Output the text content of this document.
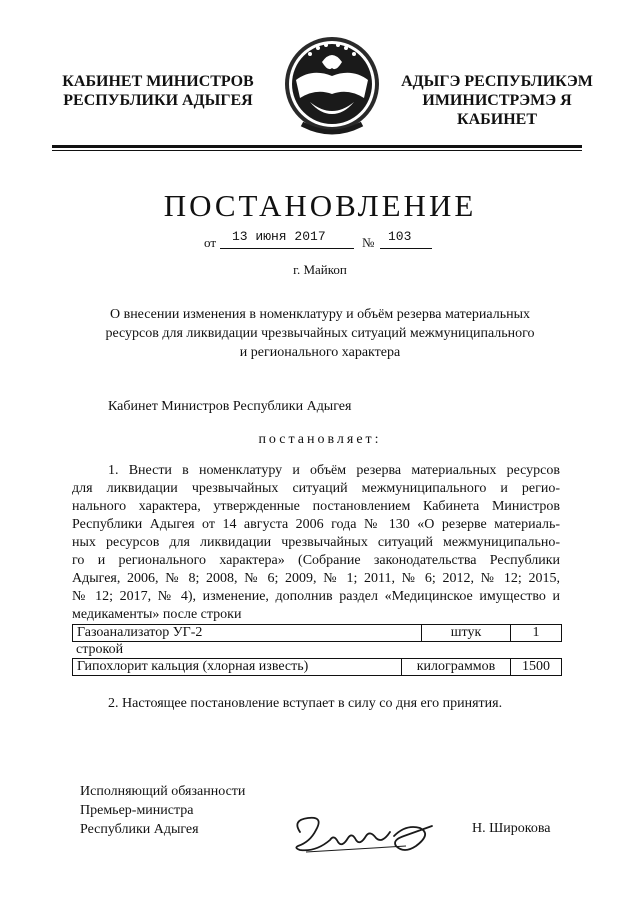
КАБИНЕТ МИНИСТРОВ
РЕСПУБЛИКИ АДЫГЕЯ
АДЫГЭ РЕСПУБЛИКЭМ
ИМИНИСТРЭМЭ Я КАБИНЕТ
ПОСТАНОВЛЕНИЕ
от 13 июня 2017	№ 103
г. Майкоп
О внесении изменения в номенклатуру и объём резерва материальных
ресурсов для ликвидации чрезвычайных ситуаций межмуниципального
и регионального характера
Кабинет Министров Республики Адыгея
постановляет:
1. Внести в номенклатуру и объём резерва материальных ресурсов
для ликвидации чрезвычайных ситуаций межмуниципального и регио-
нального характера, утвержденные постановлением Кабинета Министров
Республики Адыгея от 14 августа 2006 года № 130 «О резерве материаль-
ных ресурсов для ликвидации чрезвычайных ситуаций межмуниципально-
го и регионального характера» (Собрание законодательства Республики
Адыгея, 2006, № 8; 2008, № 6; 2009, № 1; 2011, № 6; 2012, № 12; 2015,
№ 12; 2017, № 4), изменение, дополнив раздел «Медицинское имущество и
медикаменты» после строки
Газоанализатор УГ-2	штук	1
строкой
Гипохлорит кальция (хлорная известь)	килограммов	1500
2. Настоящее постановление вступает в силу со дня его принятия.
Исполняющий обязанности
Премьер-министра
Республики Адыгея	Н. Широкова
